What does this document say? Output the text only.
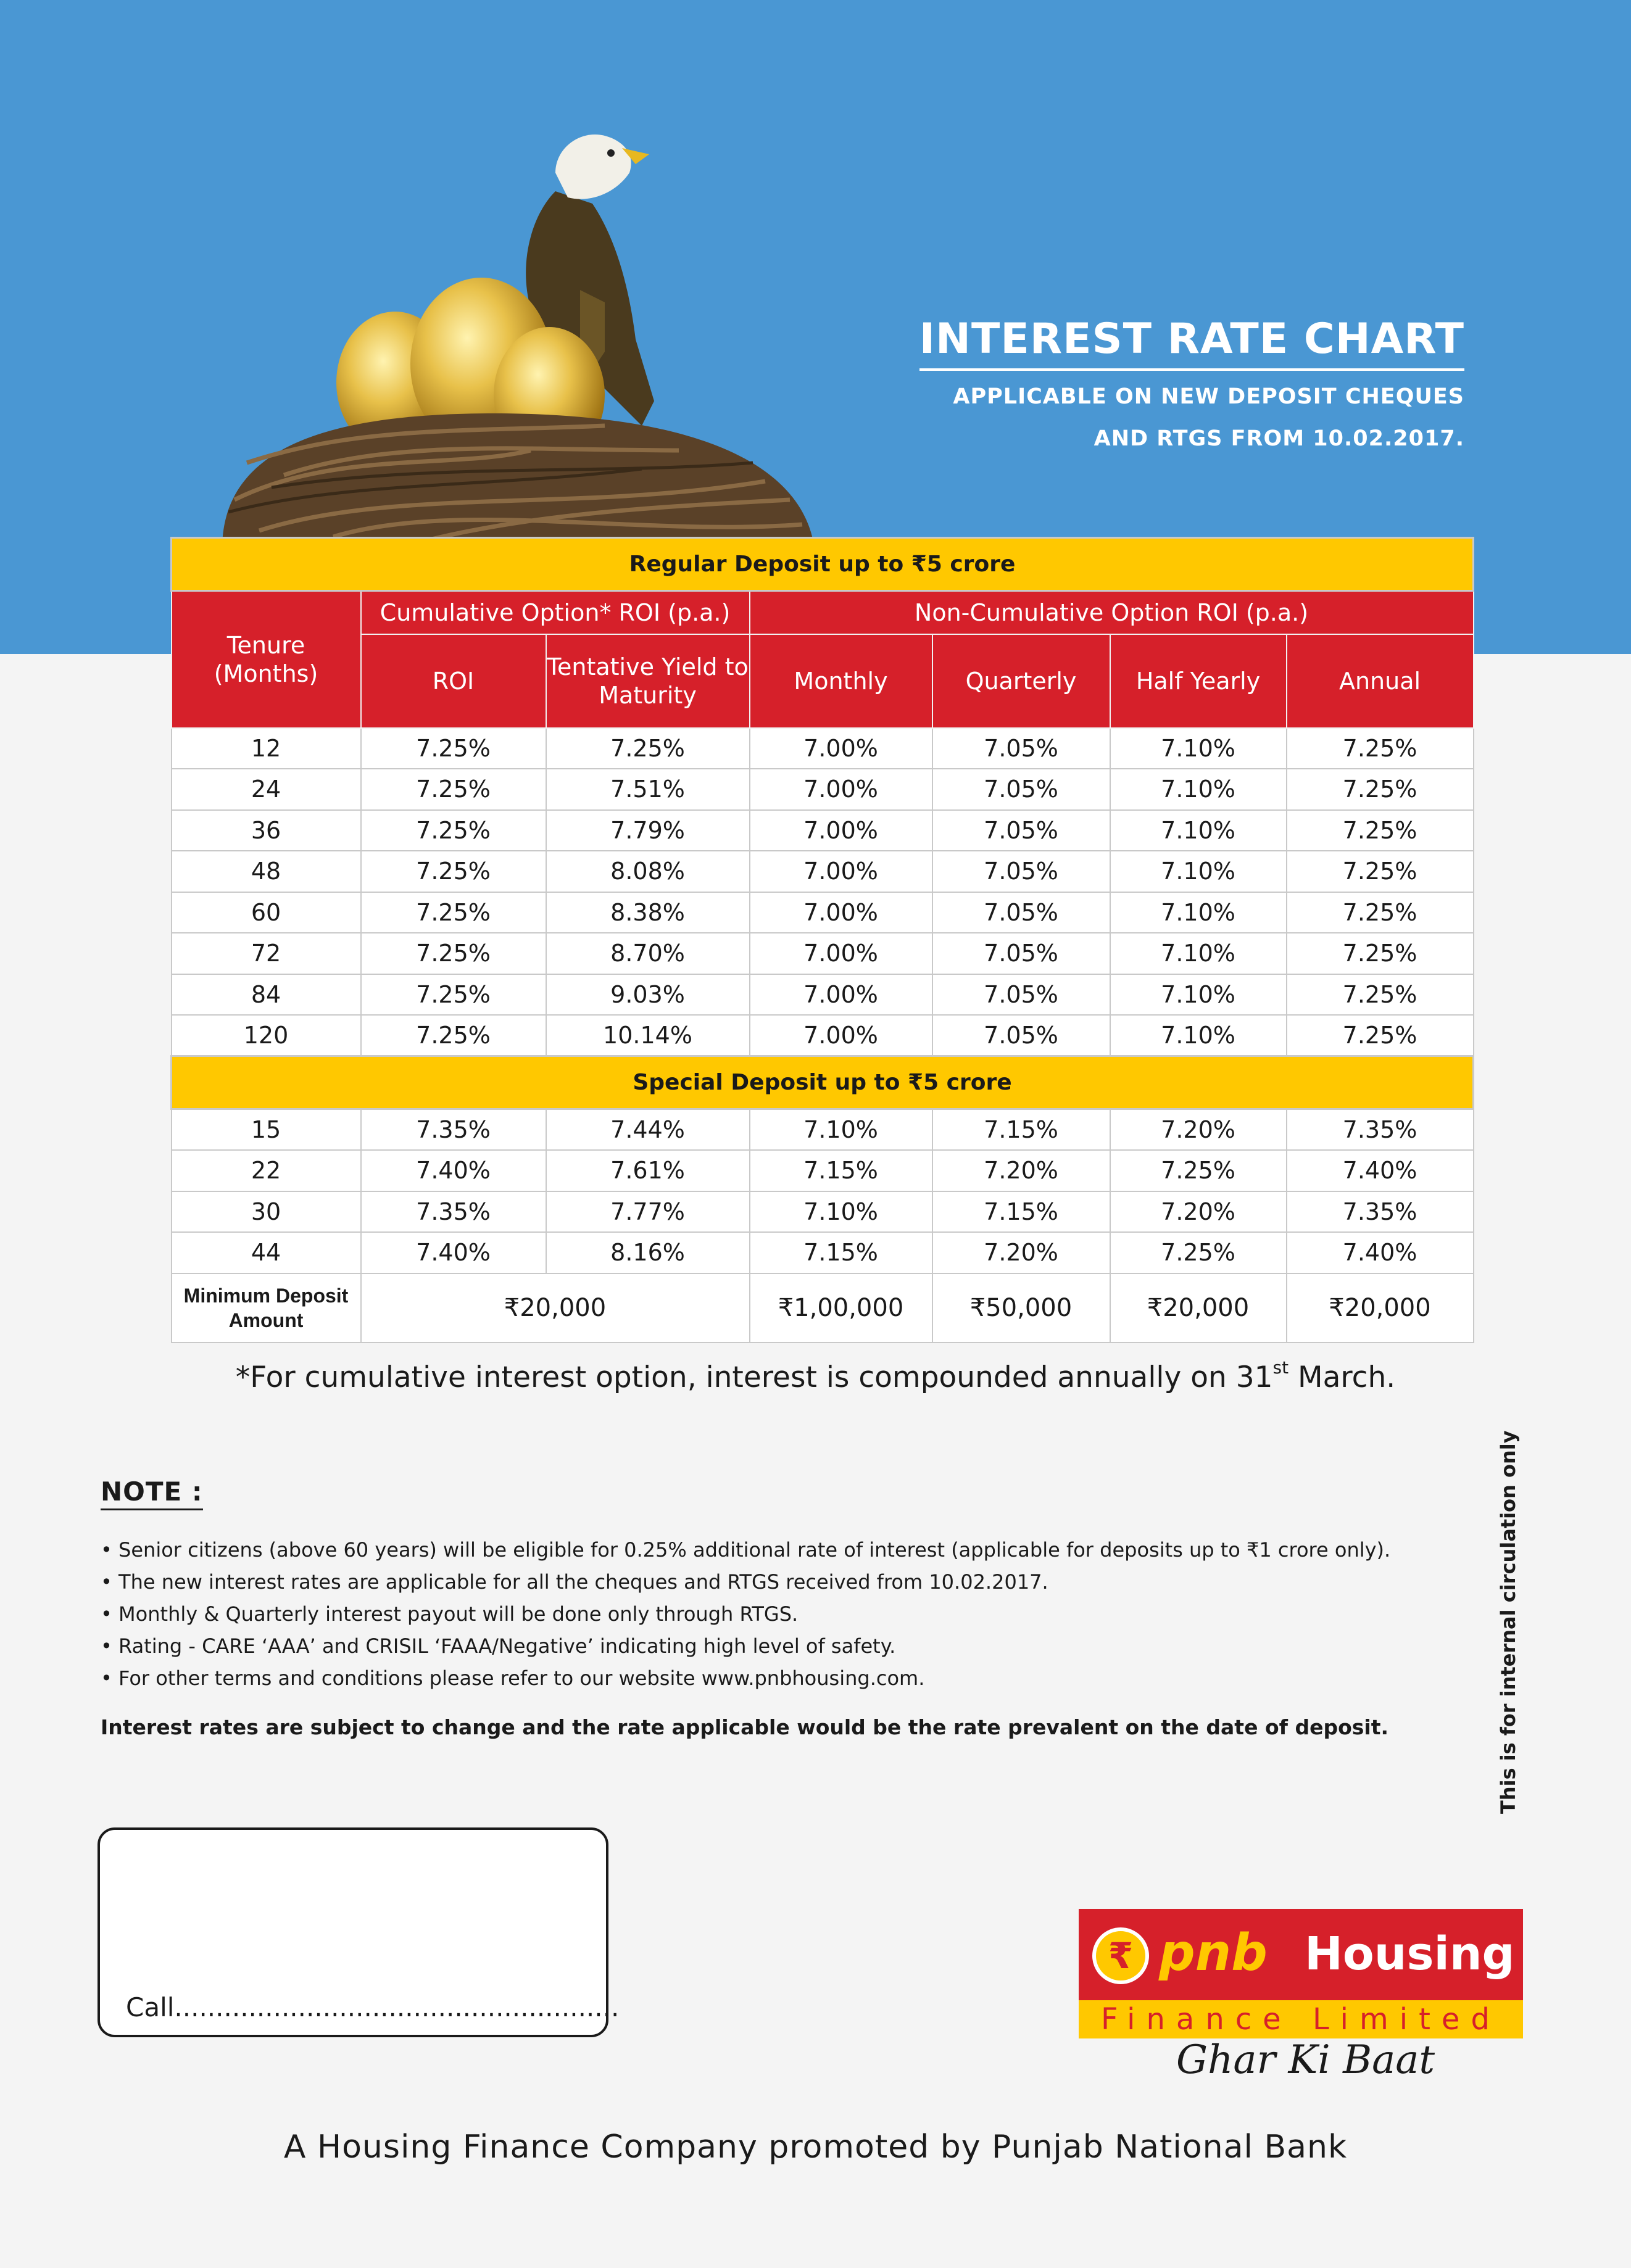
INTEREST RATE CHART
APPLICABLE ON NEW DEPOSIT CHEQUES
AND RTGS FROM 10.02.2017.
Regular Deposit up to ₹5 crore						
Tenure (Months)	Cumulative Option* ROI (p.a.)		Non-Cumulative Option ROI (p.a.)			
	ROI	Tentative Yield to Maturity	Monthly	Quarterly	Half Yearly	Annual
12	7.25%	7.25%	7.00%	7.05%	7.10%	7.25%
24	7.25%	7.51%	7.00%	7.05%	7.10%	7.25%
36	7.25%	7.79%	7.00%	7.05%	7.10%	7.25%
48	7.25%	8.08%	7.00%	7.05%	7.10%	7.25%
60	7.25%	8.38%	7.00%	7.05%	7.10%	7.25%
72	7.25%	8.70%	7.00%	7.05%	7.10%	7.25%
84	7.25%	9.03%	7.00%	7.05%	7.10%	7.25%
120	7.25%	10.14%	7.00%	7.05%	7.10%	7.25%
Special Deposit up to ₹5 crore						
15	7.35%	7.44%	7.10%	7.15%	7.20%	7.35%
22	7.40%	7.61%	7.15%	7.20%	7.25%	7.40%
30	7.35%	7.77%	7.10%	7.15%	7.20%	7.35%
44	7.40%	8.16%	7.15%	7.20%	7.25%	7.40%
Minimum Deposit Amount	₹20,000		₹1,00,000	₹50,000	₹20,000	₹20,000
*For cumulative interest option, interest is compounded annually on 31st March.
NOTE :
• Senior citizens (above 60 years) will be eligible for 0.25% additional rate of interest (applicable for deposits up to ₹1 crore only).
• The new interest rates are applicable for all the cheques and RTGS received from 10.02.2017.
• Monthly & Quarterly interest payout will be done only through RTGS.
• Rating - CARE ‘AAA’ and CRISIL ‘FAAA/Negative’ indicating high level of safety.
• For other terms and conditions please refer to our website www.pnbhousing.com.
Interest rates are subject to change and the rate applicable would be the rate prevalent on the date of deposit.	This is for internal circulation only
Call......................................................
₹
pnb Housing
Finance Limited
Ghar Ki Baat
A Housing Finance Company promoted by Punjab National Bank
